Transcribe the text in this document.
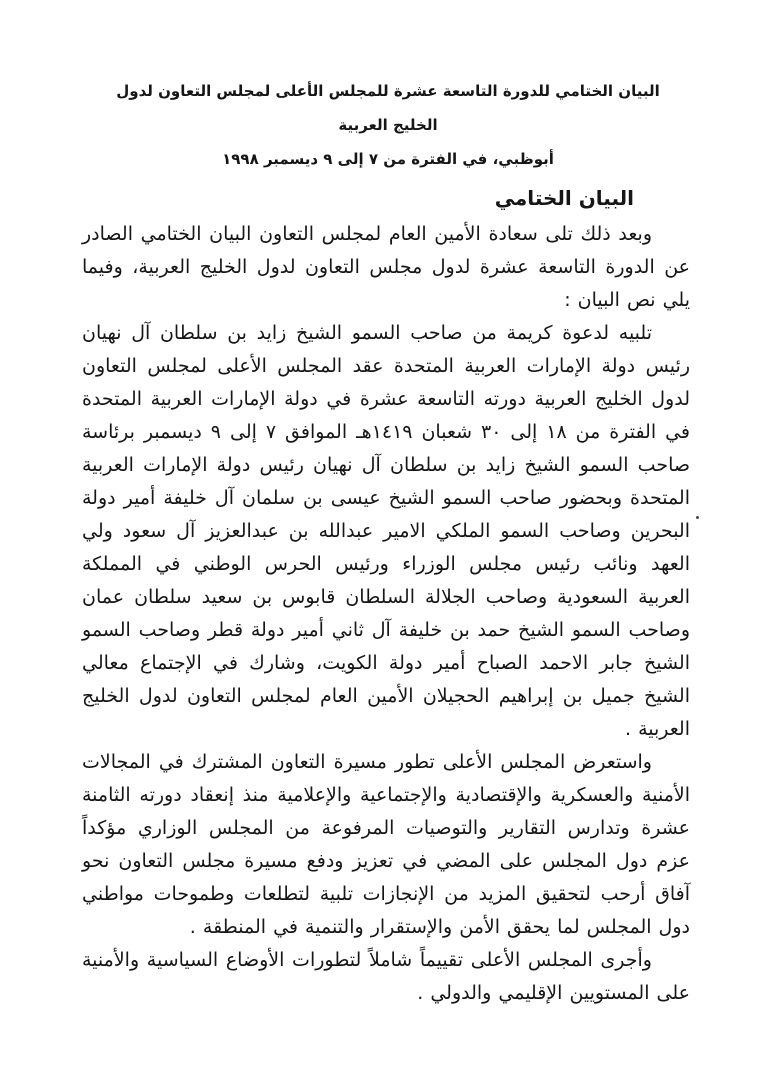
البيان الختامي للدورة التاسعة عشرة للمجلس الأعلى لمجلس التعاون لدول الخليج العربية
أبوظبي، في الفترة من ٧ إلى ٩ ديسمبر ١٩٩٨
البيان الختامي

وبعد ذلك تلى سعادة الأمين العام لمجلس التعاون البيان الختامي الصادر عن الدورة التاسعة عشرة لدول مجلس التعاون لدول الخليج العربية، وفيما يلي نص البيان :

تلبيه لدعوة كريمة من صاحب السمو الشيخ زايد بن سلطان آل نهيان رئيس دولة الإمارات العربية المتحدة عقد المجلس الأعلى لمجلس التعاون لدول الخليج العربية دورته التاسعة عشرة في دولة الإمارات العربية المتحدة في الفترة من ١٨ إلى ٣٠ شعبان ١٤١٩هـ الموافق ٧ إلى ٩ ديسمبر برئاسة صاحب السمو الشيخ زايد بن سلطان آل نهيان رئيس دولة الإمارات العربية المتحدة وبحضور صاحب السمو الشيخ عيسى بن سلمان آل خليفة أمير دولة البحرين وصاحب السمو الملكي الامير عبدالله بن عبدالعزيز آل سعود ولي العهد ونائب رئيس مجلس الوزراء ورئيس الحرس الوطني في المملكة العربية السعودية وصاحب الجلالة السلطان قابوس بن سعيد سلطان عمان وصاحب السمو الشيخ حمد بن خليفة آل ثاني أمير دولة قطر وصاحب السمو الشيخ جابر الاحمد الصباح أمير دولة الكويت، وشارك في الإجتماع معالي الشيخ جميل بن إبراهيم الحجيلان الأمين العام لمجلس التعاون لدول الخليج العربية .

واستعرض المجلس الأعلى تطور مسيرة التعاون المشترك في المجالات الأمنية والعسكرية والإقتصادية والإجتماعية والإعلامية منذ إنعقاد دورته الثامنة عشرة وتدارس التقارير والتوصيات المرفوعة من المجلس الوزاري مؤكداً عزم دول المجلس على المضي في تعزيز ودفع مسيرة مجلس التعاون نحو آفاق أرحب لتحقيق المزيد من الإنجازات تلبية لتطلعات وطموحات مواطني دول المجلس لما يحقق الأمن والإستقرار والتنمية في المنطقة .

وأجرى المجلس الأعلى تقييماً شاملاً لتطورات الأوضاع السياسية والأمنية على المستويين الإقليمي والدولي .
